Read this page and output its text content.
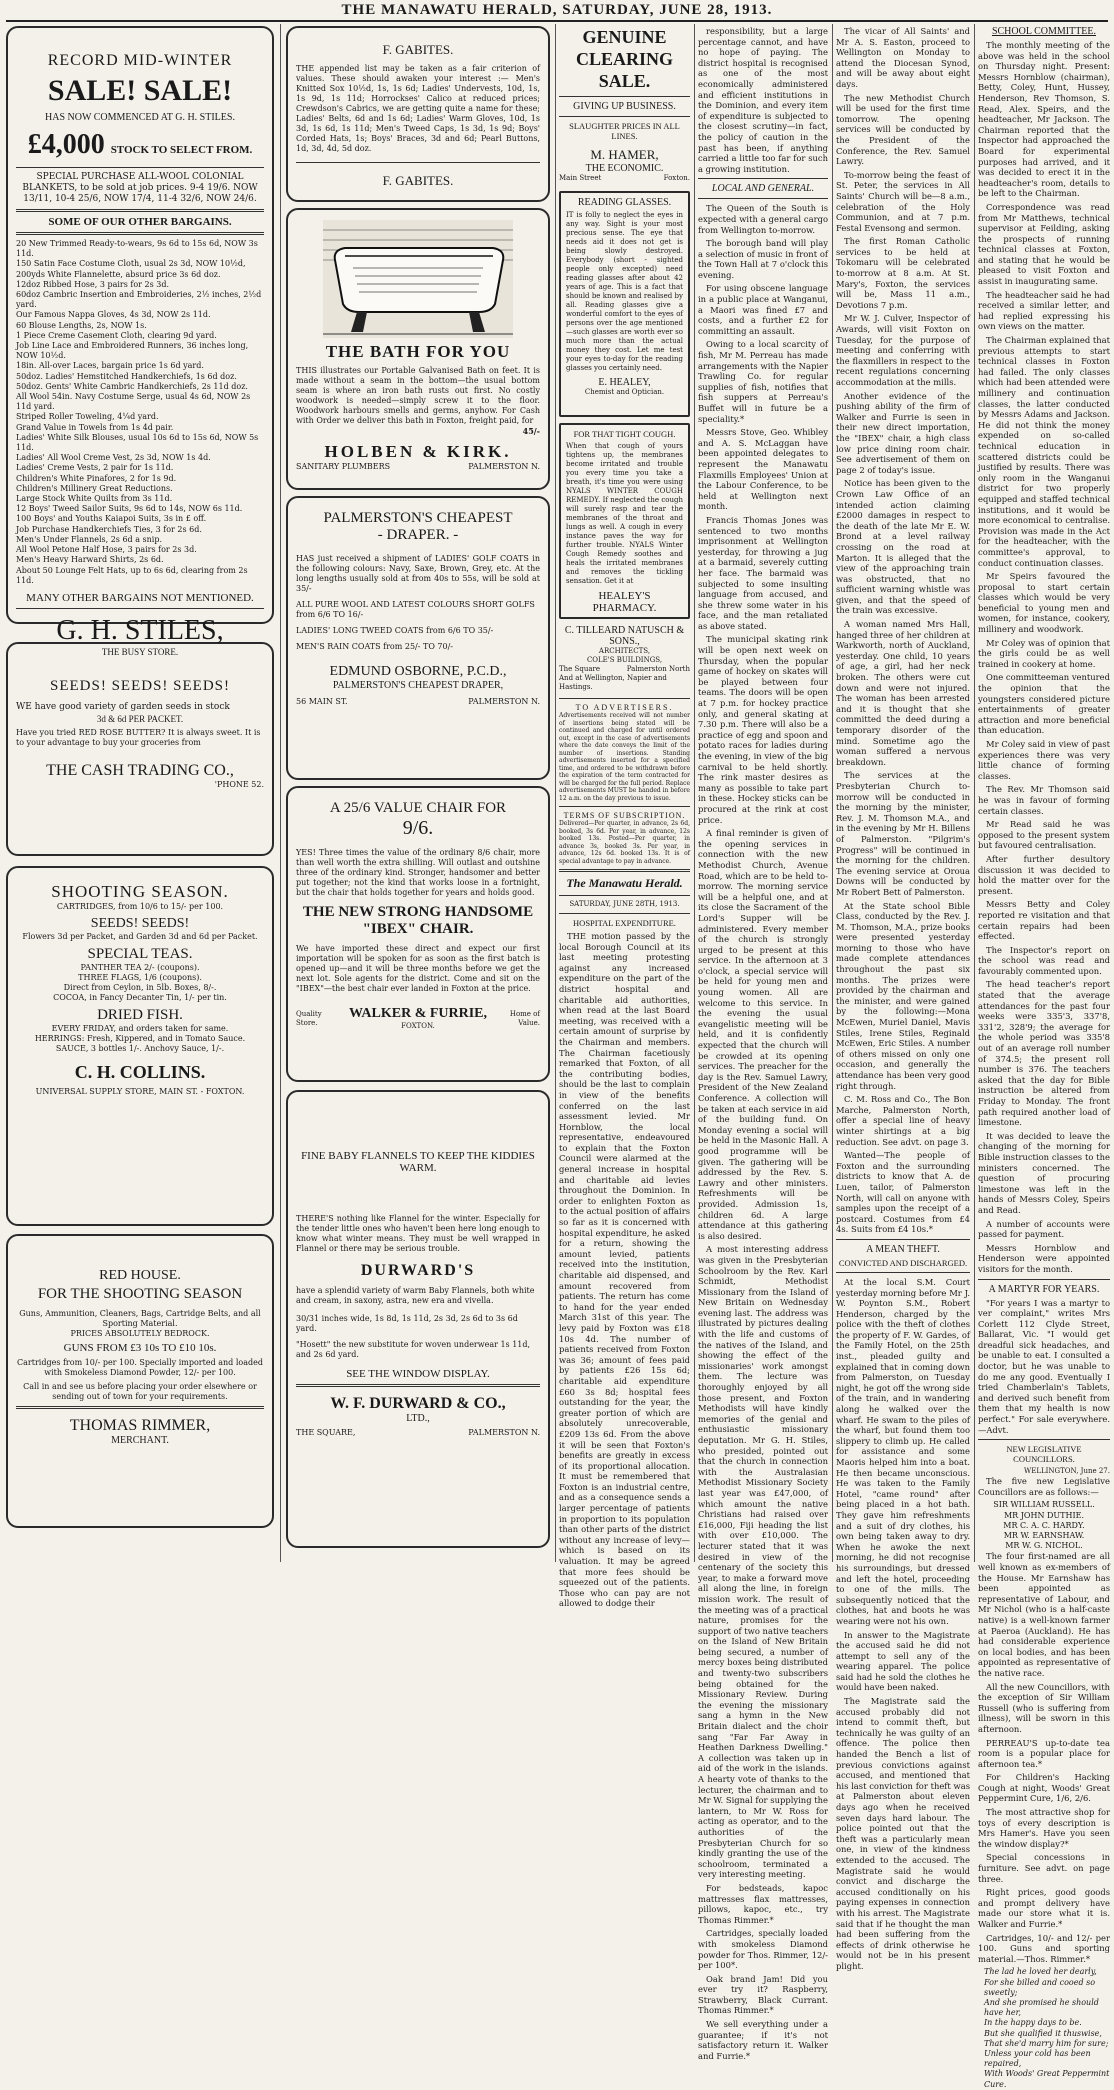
THE MANAWATU HERALD, SATURDAY, JUNE 28, 1913.
RECORD MID-WINTER
SALE! SALE!
HAS NOW COMMENCED AT G. H. STILES.
£4,000 STOCK TO SELECT FROM.
SPECIAL PURCHASE ALL-WOOL COLONIAL BLANKETS, to be sold at job prices. 9-4 19/6. NOW 13/11, 10-4 25/6, NOW 17/4, 11-4 32/6, NOW 24/6.
SOME OF OUR OTHER BARGAINS.
20 New Trimmed Ready-to-wears, 9s 6d to 15s 6d, NOW 3s 11d.
150 Satin Face Costume Cloth, usual 2s 3d, NOW 10½d,
200yds White Flannelette, absurd price 3s 6d doz.
12doz Ribbed Hose, 3 pairs for 2s 3d.
60doz Cambric Insertion and Embroideries, 2½ inches, 2½d yard.
Our Famous Nappa Gloves, 4s 3d, NOW 2s 11d.
60 Blouse Lengths, 2s, NOW 1s.
1 Piece Creme Casement Cloth, clearing 9d yard.
Job Line Lace and Embroidered Runners, 36 inches long, NOW 10½d.
18in. All-over Laces, bargain price 1s 6d yard.
50doz. Ladies' Hemstitched Handkerchiefs, 1s 6d doz.
50doz. Gents' White Cambric Handkerchiefs, 2s 11d doz.
All Wool 54in. Navy Costume Serge, usual 4s 6d, NOW 2s 11d yard.
Striped Roller Toweling, 4¼d yard.
Grand Value in Towels from 1s 4d pair.
Ladies' White Silk Blouses, usual 10s 6d to 15s 6d, NOW 5s 11d.
Ladies' All Wool Creme Vest, 2s 3d, NOW 1s 4d.
Ladies' Creme Vests, 2 pair for 1s 11d.
Children's White Pinafores, 2 for 1s 9d.
Children's Millinery Great Reductions.
Large Stock White Quilts from 3s 11d.
12 Boys' Tweed Sailor Suits, 9s 6d to 14s, NOW 6s 11d.
100 Boys' and Youths Kaiapoi Suits, 3s in £ off.
Job Purchase Handkerchiefs Ties, 3 for 2s 6d.
Men's Under Flannels, 2s 6d a snip.
All Wool Petone Half Hose, 3 pairs for 2s 3d.
Men's Heavy Harward Shirts, 2s 6d.
About 50 Lounge Felt Hats, up to 6s 6d, clearing from 2s 11d.
MANY OTHER BARGAINS NOT MENTIONED.
G. H. STILES,
THE BUSY STORE.
SEEDS! SEEDS! SEEDS!
WE have good variety of garden seeds in stock
3d & 6d PER PACKET.
Have you tried RED ROSE BUTTER? It is always sweet. It is to your advantage to buy your groceries from
THE CASH TRADING CO.,
'PHONE 52.
SHOOTING SEASON.
CARTRIDGES, from 10/6 to 15/- per 100.
SEEDS! SEEDS!
Flowers 3d per Packet, and Garden 3d and 6d per Packet.
SPECIAL TEAS.
PANTHER TEA 2/- (coupons).
THREE FLAGS, 1/6 (coupons).
Direct from Ceylon, in 5lb. Boxes, 8/-.
COCOA, in Fancy Decanter Tin, 1/- per tin.
DRIED FISH.
EVERY FRIDAY, and orders taken for same.
HERRINGS: Fresh, Kippered, and in Tomato Sauce.
SAUCE, 3 bottles 1/-. Anchovy Sauce, 1/-.
C. H. COLLINS.
UNIVERSAL SUPPLY STORE, MAIN ST. - FOXTON.
RED HOUSE.
FOR THE SHOOTING SEASON
Guns, Ammunition, Cleaners, Bags, Cartridge Belts, and all Sporting Material.
PRICES ABSOLUTELY BEDROCK.
GUNS FROM £3 10s TO £10 10s.
Cartridges from 10/- per 100. Specially imported and loaded with Smokeless Diamond Powder, 12/- per 100.
Call in and see us before placing your order elsewhere or sending out of town for your requirements.
THOMAS RIMMER,
MERCHANT.
F. GABITES.
THE appended list may be taken as a fair criterion of values. These should awaken your interest :— Men's Knitted Sox 10½d, 1s, 1s 6d; Ladies' Undervests, 10d, 1s, 1s 9d, 1s 11d; Horrockses' Calico at reduced prices; Crewdson's Cabrics, we are getting quite a name for these; Ladies' Belts, 6d and 1s 6d; Ladies' Warm Gloves, 10d, 1s 3d, 1s 6d, 1s 11d; Men's Tweed Caps, 1s 3d, 1s 9d; Boys' Corded Hats, 1s; Boys' Braces, 3d and 6d; Pearl Buttons, 1d, 3d, 4d, 5d doz.
F. GABITES.
THE BATH FOR YOU
THIS illustrates our Portable Galvanised Bath on feet. It is made without a seam in the bottom—the usual bottom seam is where an iron bath rusts out first. No costly woodwork is needed—simply screw it to the floor. Woodwork harbours smells and germs, anyhow. For Cash with Order we deliver this bath in Foxton, freight paid, for
45/-
HOLBEN & KIRK.
SANITARY PLUMBERS	PALMERSTON N.
PALMERSTON'S CHEAPEST
- DRAPER. -
HAS just received a shipment of LADIES' GOLF COATS in the following colours: Navy, Saxe, Brown, Grey, etc. At the long lengths usually sold at from 40s to 55s, will be sold at 35/-
ALL PURE WOOL AND LATEST COLOURS SHORT GOLFS from 6/6 TO 16/-
LADIES' LONG TWEED COATS from 6/6 TO 35/-
MEN'S RAIN COATS from 25/- TO 70/-
EDMUND OSBORNE, P.C.D.,
PALMERSTON'S CHEAPEST DRAPER,
56 MAIN ST.	PALMERSTON N.
A 25/6 VALUE CHAIR FOR
9/6.
YES! Three times the value of the ordinary 8/6 chair, more than well worth the extra shilling. Will outlast and outshine three of the ordinary kind. Stronger, handsomer and better put together; not the kind that works loose in a fortnight, but the chair that holds together for years and holds good.
THE NEW STRONG HANDSOME "IBEX" CHAIR.
We have imported these direct and expect our first importation will be spoken for as soon as the first batch is opened up—and it will be three months before we get the next lot. Sole agents for the district. Come and sit on the "IBEX"—the best chair ever landed in Foxton at the price.
Quality Store.
WALKER & FURRIE,
FOXTON.
Home of Value.
FINE BABY FLANNELS TO KEEP THE KIDDIES WARM.
THERE'S nothing like Flannel for the winter. Especially for the tender little ones who haven't been here long enough to know what winter means. They must be well wrapped in Flannel or there may be serious trouble.
DURWARD'S
have a splendid variety of warm Baby Flannels, both white and cream, in saxony, astra, new era and vivella.
30/31 inches wide, 1s 8d, 1s 11d, 2s 3d, 2s 6d to 3s 6d yard.
"Hosett" the new substitute for woven underwear 1s 11d, and 2s 6d yard.
SEE THE WINDOW DISPLAY.
W. F. DURWARD & CO.,
LTD.,
THE SQUARE,	PALMERSTON N.
GENUINE CLEARING SALE.
GIVING UP BUSINESS.
SLAUGHTER PRICES IN ALL LINES.
M. HAMER,
THE ECONOMIC.
Main Street	Foxton.
READING GLASSES.
IT is folly to neglect the eyes in any way. Sight is your most precious sense. The eye that needs aid it does not get is being slowly destroyed. Everybody (short - sighted people only excepted) need reading glasses after about 42 years of age. This is a fact that should be known and realised by all. Reading glasses give a wonderful comfort to the eyes of persons over the age mentioned—such glasses are worth ever so much more than the actual money they cost. Let me test your eyes to-day for the reading glasses you certainly need.
E. HEALEY,
Chemist and Optician.
FOR THAT TIGHT COUGH.
When that cough of yours tightens up, the membranes become irritated and trouble you every time you take a breath, it's time you were using NYALS WINTER COUGH REMEDY. If neglected the cough will surely rasp and tear the membranes of the throat and lungs as well. A cough in every instance paves the way for further trouble. NYALS Winter Cough Remedy soothes and heals the irritated membranes and removes the tickling sensation. Get it at
HEALEY'S PHARMACY.
C. TILLEARD NATUSCH & SONS.,
ARCHITECTS,
COLE'S BUILDINGS,
The Square	Palmerston North
And at Wellington, Napier and Hastings.
TO ADVERTISERS.
Advertisements received will not number of insertions being stated will be continued and charged for until ordered out, except in the case of advertisements where the date conveys the limit of the number of insertions. Standing advertisements inserted for a specified time, and ordered to be withdrawn before the expiration of the term contracted for will be charged for the full period. Replace advertisements MUST be handed in before 12 a.m. on the day previous to issue.
TERMS OF SUBSCRIPTION.
Delivered—Per quarter, in advance, 2s 6d, booked, 3s 6d. Per year, in advance, 12s booked 13s. Posted—Per quarter, in advance 3s, booked 3s. Per year, in advance, 12s 6d. booked 13s. It is of special advantage to pay in advance.
The Manawatu Herald.
SATURDAY, JUNE 28TH, 1913.
HOSPITAL EXPENDITURE.
THE motion passed by the local Borough Council at its last meeting protesting against any increased expenditure on the part of the district hospital and charitable aid authorities, when read at the last Board meeting, was received with a certain amount of surprise by the Chairman and members. The Chairman facetiously remarked that Foxton, of all the contributing bodies, should be the last to complain in view of the benefits conferred on the last assessment levied. Mr Hornblow, the local representative, endeavoured to explain that the Foxton Council were alarmed at the general increase in hospital and charitable aid levies throughout the Dominion. In order to enlighten Foxton as to the actual position of affairs so far as it is concerned with hospital expenditure, he asked for a return, showing the amount levied, patients received into the institution, charitable aid dispensed, and amount recovered from patients. The return has come to hand for the year ended March 31st of this year. The levy paid by Foxton was £18 10s 4d. The number of patients received from Foxton was 36; amount of fees paid by patients £26 15s 6d; charitable aid expenditure £60 3s 8d; hospital fees outstanding for the year, the greater portion of which are absolutely unrecoverable, £209 13s 6d. From the above it will be seen that Foxton's benefits are greatly in excess of its proportional allocation. It must be remembered that Foxton is an industrial centre, and as a consequence sends a larger percentage of patients in proportion to its population than other parts of the district without any increase of levy—which is based on its valuation. It may be agreed that more fees should be squeezed out of the patients. Those who can pay are not allowed to dodge their
responsibility, but a large percentage cannot, and have no hope of paying. The district hospital is recognised as one of the most economically administered and efficient institutions in the Dominion, and every item of expenditure is subjected to the closest scrutiny—in fact, the policy of caution in the past has been, if anything carried a little too far for such a growing institution.
LOCAL AND GENERAL.
The Queen of the South is expected with a general cargo from Wellington to-morrow.
The borough band will play a selection of music in front of the Town Hall at 7 o'clock this evening.
For using obscene language in a public place at Wanganui, a Maori was fined £7 and costs, and a further £2 for committing an assault.
Owing to a local scarcity of fish, Mr M. Perreau has made arrangements with the Napier Trawling Co. for regular supplies of fish, notifies that fish suppers at Perreau's Buffet will in future be a speciality.*
Messrs Stove, Geo. Whibley and A. S. McLaggan have been appointed delegates to represent the Manawatu Flaxmills Employees' Union at the Labour Conference, to be held at Wellington next month.
Francis Thomas Jones was sentenced to two months imprisonment at Wellington yesterday, for throwing a jug at a barmaid, severely cutting her face. The barmaid was subjected to some insulting language from accused, and she threw some water in his face, and the man retaliated as above stated.
The municipal skating rink will be open next week on Thursday, when the popular game of hockey on skates will be played between four teams. The doors will be open at 7 p.m. for hockey practice only, and general skating at 7.30 p.m. There will also be a practice of egg and spoon and potato races for ladies during the evening, in view of the big carnival to be held shortly. The rink master desires as many as possible to take part in these. Hockey sticks can be procured at the rink at cost price.
A final reminder is given of the opening services in connection with the new Methodist Church, Avenue Road, which are to be held to-morrow. The morning service will be a helpful one, and at its close the Sacrament of the Lord's Supper will be administered. Every member of the church is strongly urged to be present at this service. In the afternoon at 3 o'clock, a special service will be held for young men and young women. All are welcome to this service. In the evening the usual evangelistic meeting will be held, and it is confidently expected that the church will be crowded at its opening services. The preacher for the day is the Rev. Samuel Lawry, President of the New Zealand Conference. A collection will be taken at each service in aid of the building fund. On Monday evening a social will be held in the Masonic Hall. A good programme will be given. The gathering will be addressed by the Rev. S. Lawry and other ministers. Refreshments will be provided. Admission 1s, children 6d. A large attendance at this gathering is also desired.
A most interesting address was given in the Presbyterian Schoolroom by the Rev. Karl Schmidt, Methodist Missionary from the Island of New Britain on Wednesday evening last. The address was illustrated by pictures dealing with the life and customs of the natives of the Island, and showing the effect of the missionaries' work amongst them. The lecture was thoroughly enjoyed by all those present, and Foxton Methodists will have kindly memories of the genial and enthusiastic missionary deputation. Mr G. H. Stiles, who presided, pointed out that the church in connection with the Australasian Methodist Missionary Society last year was £47,000, of which amount the native Christians had raised over £16,000, Fiji heading the list with over £10,000. The lecturer stated that it was desired in view of the centenary of the society this year, to make a forward move all along the line, in foreign mission work. The result of the meeting was of a practical nature, promises for the support of two native teachers on the Island of New Britain being secured, a number of mercy boxes being distributed and twenty-two subscribers being obtained for the Missionary Review. During the evening the missionary sang a hymn in the New Britain dialect and the choir sang "Far Far Away in Heathen Darkness Dwelling." A collection was taken up in aid of the work in the islands. A hearty vote of thanks to the lecturer, the chairman and to Mr W. Signal for supplying the lantern, to Mr W. Ross for acting as operator, and to the authorities of the Presbyterian Church for so kindly granting the use of the schoolroom, terminated a very interesting meeting.
For bedsteads, kapoc mattresses flax mattresses, pillows, kapoc, etc., try Thomas Rimmer.*
Cartridges, specially loaded with smokeless Diamond powder for Thos. Rimmer, 12/- per 100*.
Oak brand Jam! Did you ever try it? Raspberry, Strawberry, Black Currant. Thomas Rimmer.*
We sell everything under a guarantee; if it's not satisfactory return it. Walker and Furrie.*
The vicar of All Saints' and Mr A. S. Easton, proceed to Wellington on Monday to attend the Diocesan Synod, and will be away about eight days.
The new Methodist Church will be used for the first time tomorrow. The opening services will be conducted by the President of the Conference, the Rev. Samuel Lawry.
To-morrow being the feast of St. Peter, the services in All Saints' Church will be—8 a.m., celebration of the Holy Communion, and at 7 p.m. Festal Evensong and sermon.
The first Roman Catholic services to be held at Tokomaru will be celebrated to-morrow at 8 a.m. At St. Mary's, Foxton, the services will be, Mass 11 a.m., Devotions 7 p.m.
Mr W. J. Culver, Inspector of Awards, will visit Foxton on Tuesday, for the purpose of meeting and conferring with the flaxmillers in respect to the recent regulations concerning accommodation at the mills.
Another evidence of the pushing ability of the firm of Walker and Furrie is seen in their new direct importation, the "IBEX" chair, a high class low price dining room chair. See advertisement of them on page 2 of today's issue.
Notice has been given to the Crown Law Office of an intended action claiming £2000 damages in respect to the death of the late Mr E. W. Brond at a level railway crossing on the road at Marton. It is alleged that the view of the approaching train was obstructed, that no sufficient warning whistle was given, and that the speed of the train was excessive.
A woman named Mrs Hall, hanged three of her children at Warkworth, north of Auckland, yesterday. One child, 10 years of age, a girl, had her neck broken. The others were cut down and were not injured. The woman has been arrested and it is thought that she committed the deed during a temporary disorder of the mind. Sometime ago the woman suffered a nervous breakdown.
The services at the Presbyterian Church to-morrow will be conducted in the morning by the minister, Rev. J. M. Thomson M.A., and in the evening by Mr H. Billens of Palmerston. "Pilgrim's Progress" will be continued in the morning for the children. The evening service at Oroua Downs will be conducted by Mr Robert Bett of Palmerston.
At the State school Bible Class, conducted by the Rev. J. M. Thomson, M.A., prize books were presented yesterday morning to those who have made complete attendances throughout the past six months. The prizes were provided by the chairman and the minister, and were gained by the following:—Mona McEwen, Muriel Daniel, Mavis Stiles, Irene Stiles, Reginald McEwen, Eric Stiles. A number of others missed on only one occasion, and generally the attendance has been very good right through.
C. M. Ross and Co., The Bon Marche, Palmerston North, offer a special line of heavy winter shirtings at a big reduction. See advt. on page 3.
Wanted—The people of Foxton and the surrounding districts to know that A. de Luen, tailor, of Palmerston North, will call on anyone with samples upon the receipt of a postcard. Costumes from £4 4s. Suits from £4 10s.*
A MEAN THEFT.
CONVICTED AND DISCHARGED.
At the local S.M. Court yesterday morning before Mr J. W. Poynton S.M., Robert Henderson, charged by the police with the theft of clothes the property of F. W. Gardes, of the Family Hotel, on the 25th inst., pleaded guilty and explained that in coming down from Palmerston, on Tuesday night, he got off the wrong side of the train, and in wandering along he walked over the wharf. He swam to the piles of the wharf, but found them too slippery to climb up. He called for assistance and some Maoris helped him into a boat. He then became unconscious. He was taken to the Family Hotel, "came round" after being placed in a hot bath. They gave him refreshments and a suit of dry clothes, his own being taken away to dry. When he awoke the next morning, he did not recognise his surroundings, but dressed and left the hotel, proceeding to one of the mills. The subsequently noticed that the clothes, hat and boots he was wearing were not his own.
In answer to the Magistrate the accused said he did not attempt to sell any of the wearing apparel. The police said had he sold the clothes he would have been naked.
The Magistrate said the accused probably did not intend to commit theft, but technically he was guilty of an offence. The police then handed the Bench a list of previous convictions against accused, and mentioned that his last conviction for theft was at Palmerston about eleven days ago when he received seven days hard labour. The police pointed out that the theft was a particularly mean one, in view of the kindness extended to the accused. The Magistrate said he would convict and discharge the accused conditionally on his paying expenses in connection with his arrest. The Magistrate said that if he thought the man had been suffering from the effects of drink otherwise he would not be in his present plight.
SCHOOL COMMITTEE.
The monthly meeting of the above was held in the school on Thursday night. Present: Messrs Hornblow (chairman), Betty, Coley, Hunt, Hussey, Henderson, Rev Thomson, S. Read, Alex. Speirs, and the headteacher, Mr Jackson. The Chairman reported that the Inspector had approached the Board for experimental purposes had arrived, and it was decided to erect it in the headteacher's room, details to be left to the Chairman.
Correspondence was read from Mr Matthews, technical supervisor at Feilding, asking the prospects of running technical classes at Foxton, and stating that he would be pleased to visit Foxton and assist in inaugurating same.
The headteacher said he had received a similar letter, and had replied expressing his own views on the matter.
The Chairman explained that previous attempts to start technical classes in Foxton had failed. The only classes which had been attended were millinery and continuation classes, the latter conducted by Messrs Adams and Jackson. He did not think the money expended on so-called technical education in scattered districts could be justified by results. There was only room in the Wanganui district for two properly equipped and staffed technical institutions, and it would be more economical to centralise. Provision was made in the Act for the headteacher, with the committee's approval, to conduct continuation classes.
Mr Speirs favoured the proposal to start certain classes which would be very beneficial to young men and women, for instance, cookery, millinery and woodwork.
Mr Coley was of opinion that the girls could be as well trained in cookery at home.
One committeeman ventured the opinion that the youngsters considered picture entertainments of greater attraction and more beneficial than education.
Mr Coley said in view of past experiences there was very little chance of forming classes.
The Rev. Mr Thomson said he was in favour of forming certain classes.
Mr Read said he was opposed to the present system but favoured centralisation.
After further desultory discussion it was decided to hold the matter over for the present.
Messrs Betty and Coley reported re visitation and that certain repairs had been effected.
The Inspector's report on the school was read and favourably commented upon.
The head teacher's report stated that the average attendances for the past four weeks were 335'3, 337'8, 331'2, 328'9; the average for the whole period was 335'8 out of an average roll number of 374.5; the present roll number is 376. The teachers asked that the day for Bible instruction be altered from Friday to Monday. The front path required another load of limestone.
It was decided to leave the changing of the morning for Bible instruction classes to the ministers concerned. The question of procuring limestone was left in the hands of Messrs Coley, Speirs and Read.
A number of accounts were passed for payment.
Messrs Hornblow and Henderson were appointed visitors for the month.
A MARTYR FOR YEARS.
"For years I was a martyr to ver complaint," writes Mrs Corlett 112 Clyde Street, Ballarat, Vic. "I would get dreadful sick headaches, and be unable to eat. I consulted a doctor, but he was unable to do me any good. Eventually I tried Chamberlain's Tablets, and derived such benefit from them that my health is now perfect." For sale everywhere.—Advt.
NEW LEGISLATIVE COUNCILLORS.
WELLINGTON, June 27.
The five new Legislative Councillors are as follows:—
SIR WILLIAM RUSSELL.
MR JOHN DUTHIE.
MR C. A. C. HARDY.
MR W. EARNSHAW.
MR W. G. NICHOL.
The four first-named are all well known as ex-members of the House. Mr Earnshaw has been appointed as representative of Labour, and Mr Nichol (who is a half-caste native) is a well-known farmer at Paeroa (Auckland). He has had considerable experience on local bodies, and has been appointed as representative of the native race.
All the new Councillors, with the exception of Sir William Russell (who is suffering from illness), will be sworn in this afternoon.
PERREAU'S up-to-date tea room is a popular place for afternoon tea.*
For Children's Hacking Cough at night, Woods' Great Peppermint Cure, 1/6, 2/6.
The most attractive shop for toys of every description is Mrs Hamer's. Have you seen the window display?*
Special concessions in furniture. See advt. on page three.
Right prices, good goods and prompt delivery have made our store what it is. Walker and Furrie.*
Cartridges, 10/- and 12/- per 100. Guns and sporting material.—Thos. Rimmer.*
The lad he loved her dearly,
For she billed and cooed so sweetly;
And she promised he should have her,
In the happy days to be.
But she qualified it thuswise,
That she'd marry him for sure;
Unless your cold has been repaired,
With Woods' Great Peppermint Cure.
